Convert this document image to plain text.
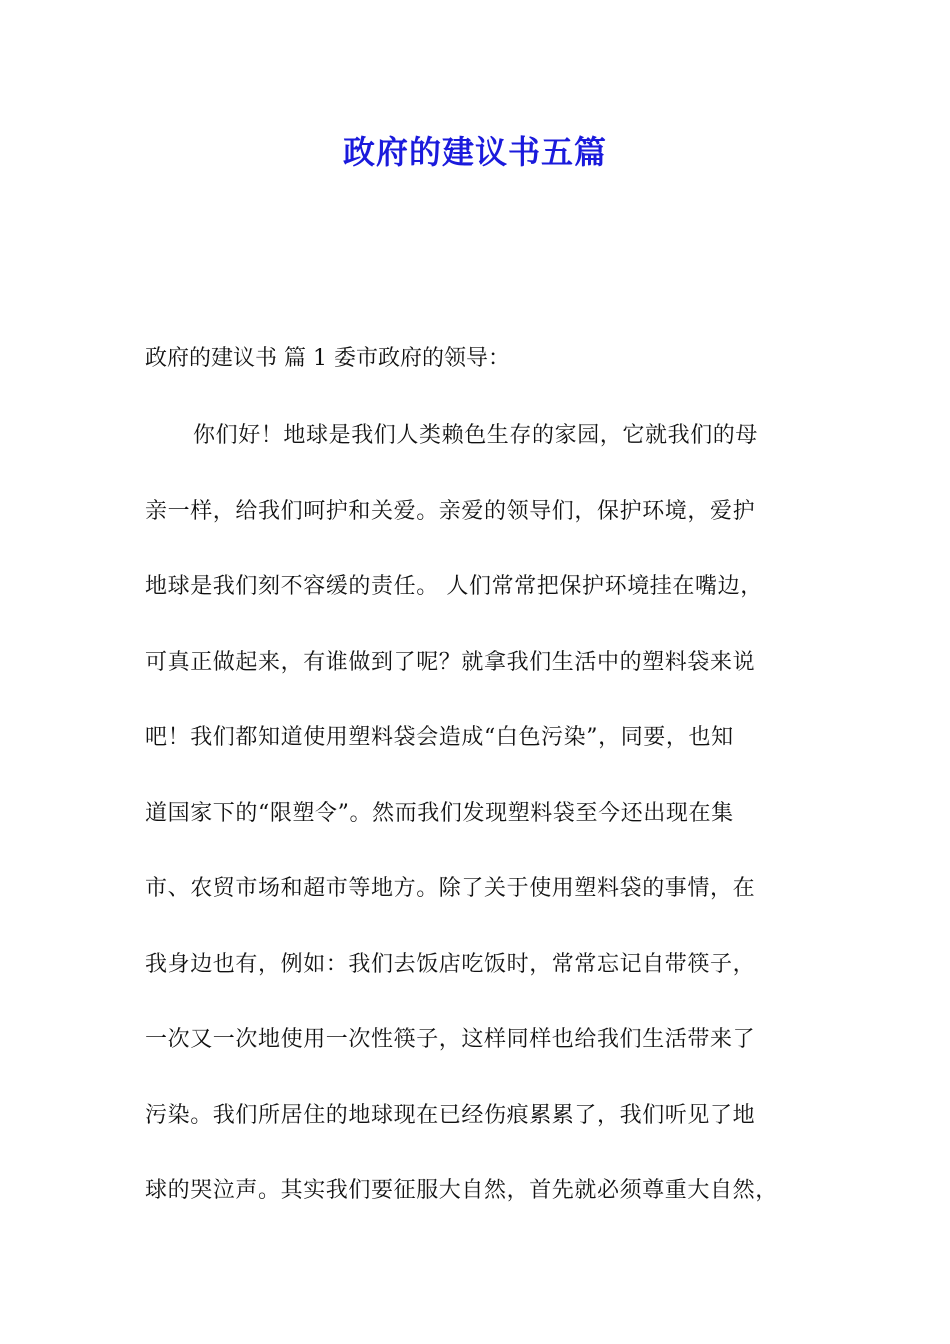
政府的建议书五篇
政府的建议书 篇 1 委市政府的领导：
你们好！地球是我们人类赖色生存的家园，它就我们的母
亲一样，给我们呵护和关爱。亲爱的领导们，保护环境，爱护
地球是我们刻不容缓的责任。 人们常常把保护环境挂在嘴边，
可真正做起来，有谁做到了呢？就拿我们生活中的塑料袋来说
吧！我们都知道使用塑料袋会造成“白色污染”，同要，也知
道国家下的“限塑令”。然而我们发现塑料袋至今还出现在集
市、农贸市场和超市等地方。除了关于使用塑料袋的事情，在
我身边也有，例如：我们去饭店吃饭时，常常忘记自带筷子，
一次又一次地使用一次性筷子，这样同样也给我们生活带来了
污染。我们所居住的地球现在已经伤痕累累了，我们听见了地
球的哭泣声。其实我们要征服大自然，首先就必须尊重大自然，
